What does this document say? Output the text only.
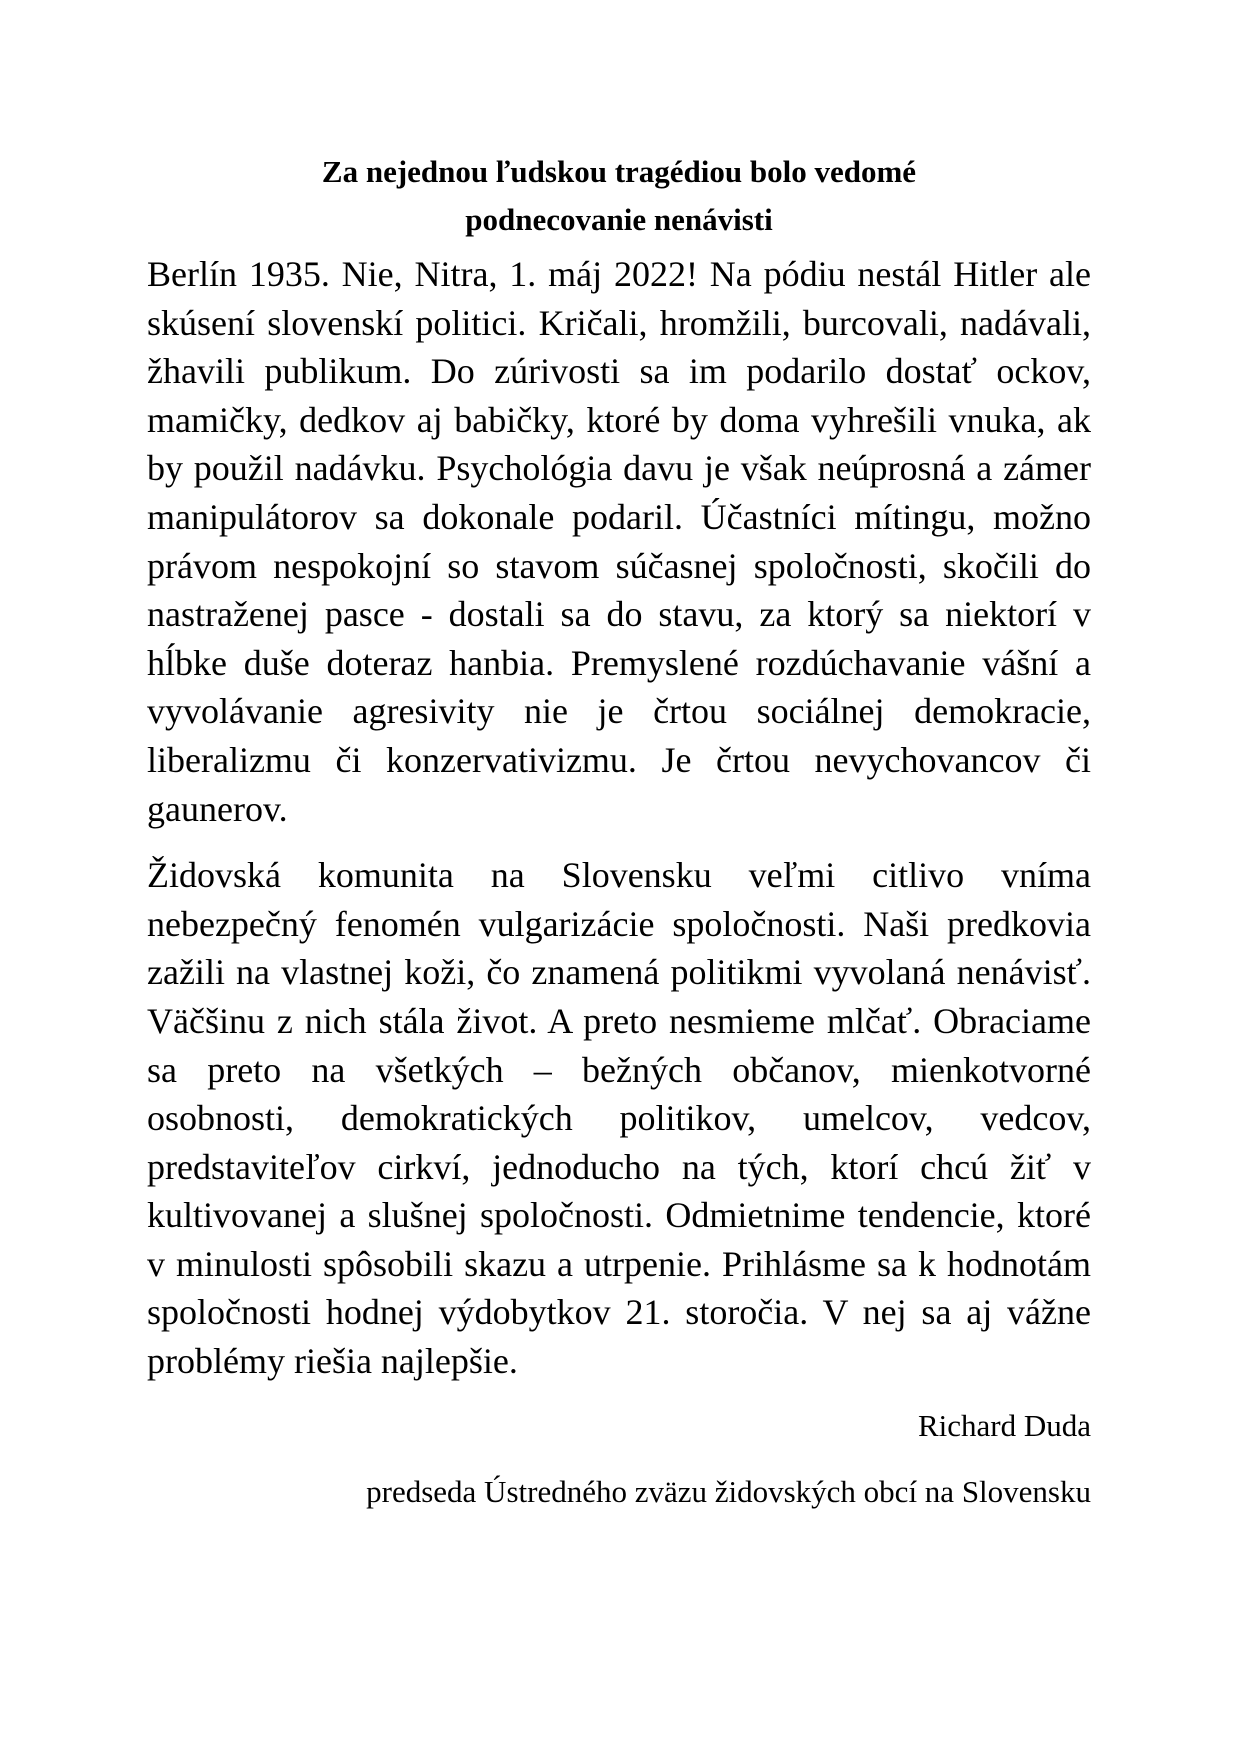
Za nejednou ľudskou tragédiou bolo vedomé
podnecovanie nenávisti

Berlín 1935. Nie, Nitra, 1. máj 2022! Na pódiu nestál Hitler ale skúsení slovenskí politici. Kričali, hromžili, burcovali, nadávali, žhavili publikum. Do zúrivosti sa im podarilo dostať ockov, mamičky, dedkov aj babičky, ktoré by doma vyhrešili vnuka, ak by použil nadávku. Psychológia davu je však neúprosná a zámer manipulátorov sa dokonale podaril. Účastníci mítingu, možno právom nespokojní so stavom súčasnej spoločnosti, skočili do nastraženej pasce - dostali sa do stavu, za ktorý sa niektorí v hĺbke duše doteraz hanbia. Premyslené rozdúchavanie vášní a vyvolávanie agresivity nie je črtou sociálnej demokracie, liberalizmu či konzervativizmu. Je črtou nevychovancov či gaunerov.

Židovská komunita na Slovensku veľmi citlivo vníma nebezpečný fenomén vulgarizácie spoločnosti. Naši predkovia zažili na vlastnej koži, čo znamená politikmi vyvolaná nenávisť. Väčšinu z nich stála život. A preto nesmieme mlčať. Obraciame sa preto na všetkých – bežných občanov, mienkotvorné osobnosti, demokratických politikov, umelcov, vedcov, predstaviteľov cirkví, jednoducho na tých, ktorí chcú žiť v kultivovanej a slušnej spoločnosti. Odmietnime tendencie, ktoré v minulosti spôsobili skazu a utrpenie. Prihlásme sa k hodnotám spoločnosti hodnej výdobytkov 21. storočia. V nej sa aj vážne problémy riešia najlepšie.

Richard Duda

predseda Ústredného zväzu židovských obcí na Slovensku
